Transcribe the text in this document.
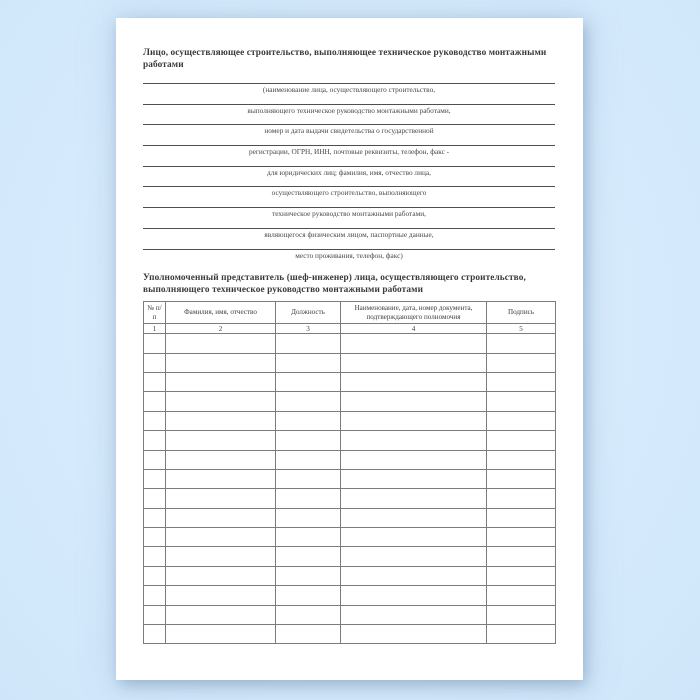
Лицо, осуществляющее строительство, выполняющее техническое руководство монтажными работами

(наименование лица, осуществляющего строительство,
выполняющего техническое руководство монтажными работами,
номер и дата выдачи свидетельства о государственной
регистрации, ОГРН, ИНН, почтовые реквизиты, телефон, факс -
для юридических лиц; фамилия, имя, отчество лица,
осуществляющего строительство, выполняющего
техническое руководство монтажными работами,
являющегося физическим лицом, паспортные данные,
место проживания, телефон, факс)

Уполномоченный представитель (шеф-инженер) лица, осуществляющего строительство, выполняющего техническое руководство монтажными работами

№ п/п	Фамилия, имя, отчество	Должность	Наименование, дата, номер документа, подтверждающего полномочия	Подпись
1	2	3	4	5
